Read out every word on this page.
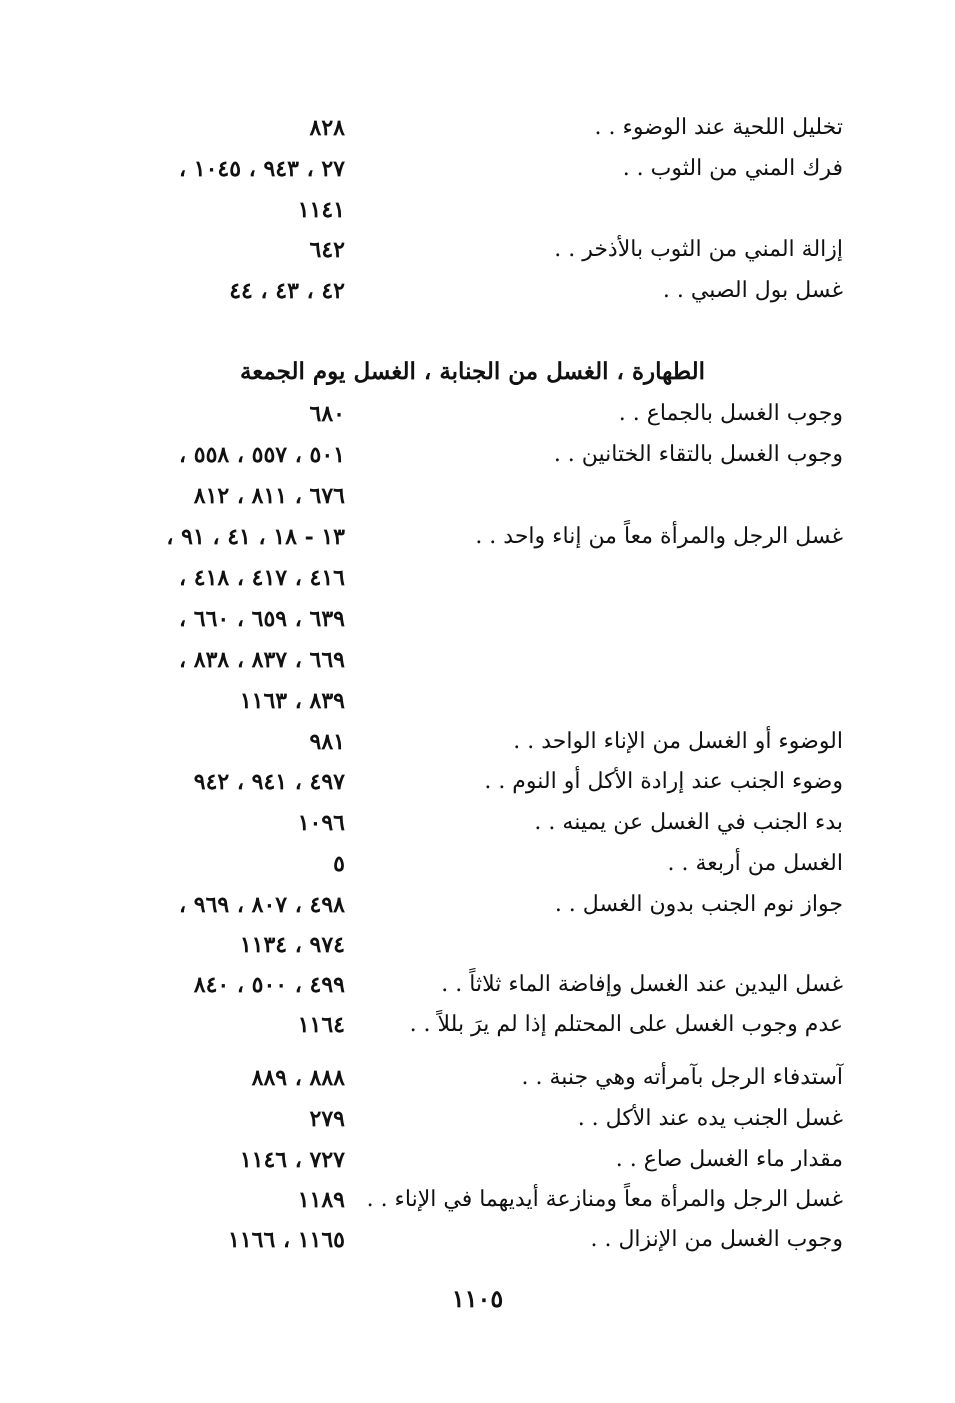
تخليل اللحية عند الوضوء . .
٨٢٨
فرك المني من الثوب . .
٢٧ ، ٩٤٣ ، ١٠٤٥ ،
١١٤١
إزالة المني من الثوب بالأذخر . .
٦٤٢
غسل بول الصبي . .
٤٢ ، ٤٣ ، ٤٤
الطهارة ، الغسل من الجنابة ، الغسل يوم الجمعة
وجوب الغسل بالجماع . .
٦٨٠
وجوب الغسل بالتقاء الختانين . .
٥٠١ ، ٥٥٧ ، ٥٥٨ ،
٦٧٦ ، ٨١١ ، ٨١٢
غسل الرجل والمرأة معاً من إناء واحد . .
١٣ - ١٨ ، ٤١ ، ٩١ ،
٤١٦ ، ٤١٧ ، ٤١٨ ،
٦٣٩ ، ٦٥٩ ، ٦٦٠ ،
٦٦٩ ، ٨٣٧ ، ٨٣٨ ،
٨٣٩ ، ١١٦٣
الوضوء أو الغسل من الإناء الواحد . .
٩٨١
وضوء الجنب عند إرادة الأكل أو النوم . .
٤٩٧ ، ٩٤١ ، ٩٤٢
بدء الجنب في الغسل عن يمينه . .
١٠٩٦
الغسل من أربعة . .
٥
جواز نوم الجنب بدون الغسل . .
٤٩٨ ، ٨٠٧ ، ٩٦٩ ،
٩٧٤ ، ١١٣٤
غسل اليدين عند الغسل وإفاضة الماء ثلاثاً . .
٤٩٩ ، ٥٠٠ ، ٨٤٠
عدم وجوب الغسل على المحتلم إذا لم يرَ بللاً . .
١١٦٤
آستدفاء الرجل بآمرأته وهي جنبة . .
٨٨٨ ، ٨٨٩
غسل الجنب يده عند الأكل . .
٢٧٩
مقدار ماء الغسل صاع . .
٧٢٧ ، ١١٤٦
غسل الرجل والمرأة معاً ومنازعة أيديهما في الإناء . .
١١٨٩
وجوب الغسل من الإنزال . .
١١٦٥ ، ١١٦٦
١١٠٥
